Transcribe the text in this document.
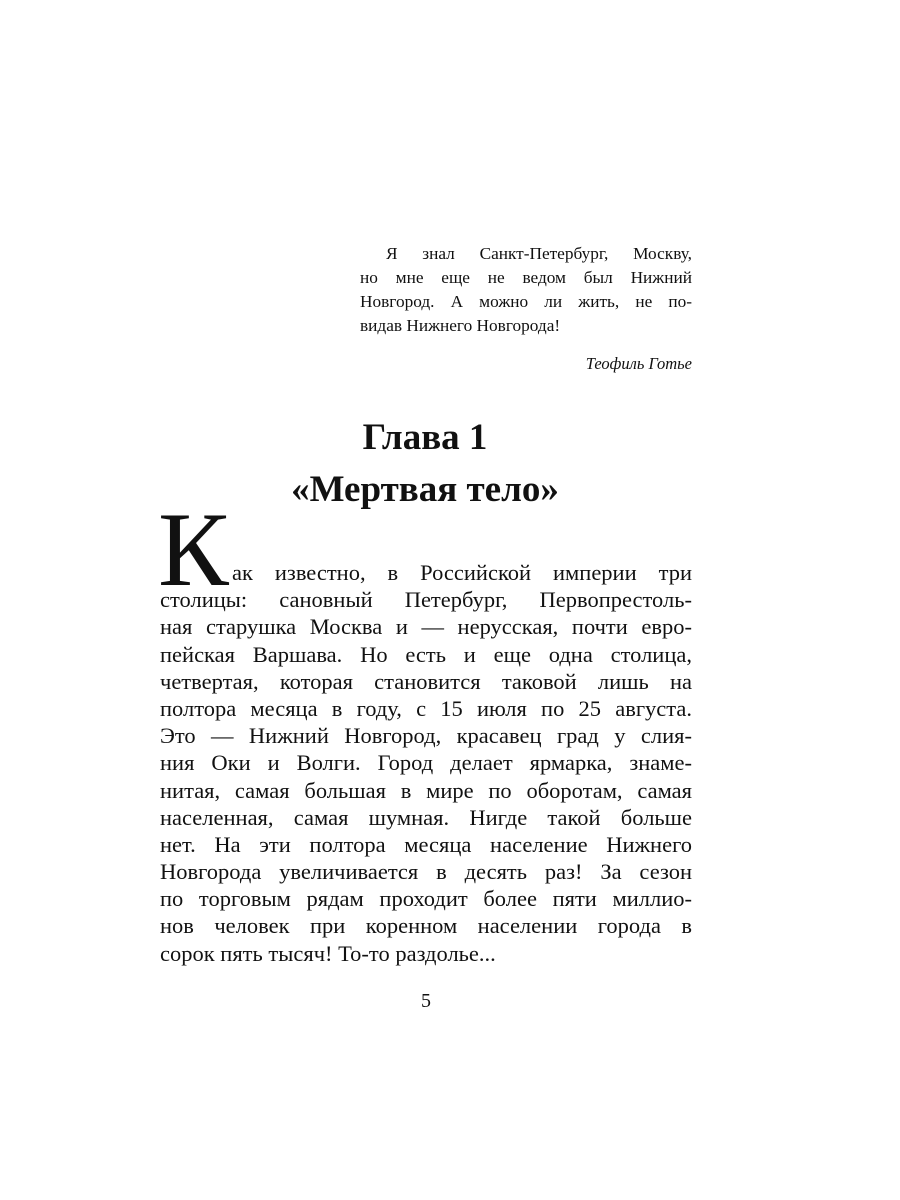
Я знал Санкт-Петербург, Москву,
но мне еще не ведом был Нижний
Новгород. А можно ли жить, не по-
видав Нижнего Новгорода!
Теофиль Готье
Глава 1
«Мертвая тело»
К ак известно, в Российской империи три
столицы: сановный Петербург, Первопрестоль-
ная старушка Москва и — нерусская, почти евро-
пейская Варшава. Но есть и еще одна столица,
четвертая, которая становится таковой лишь на
полтора месяца в году, с 15 июля по 25 августа.
Это — Нижний Новгород, красавец град у слия-
ния Оки и Волги. Город делает ярмарка, знаме-
нитая, самая большая в мире по оборотам, самая
населенная, самая шумная. Нигде такой больше
нет. На эти полтора месяца население Нижнего
Новгорода увеличивается в десять раз! За сезон
по торговым рядам проходит более пяти миллио-
нов человек при коренном населении города в
сорок пять тысяч! То-то раздолье...
5
